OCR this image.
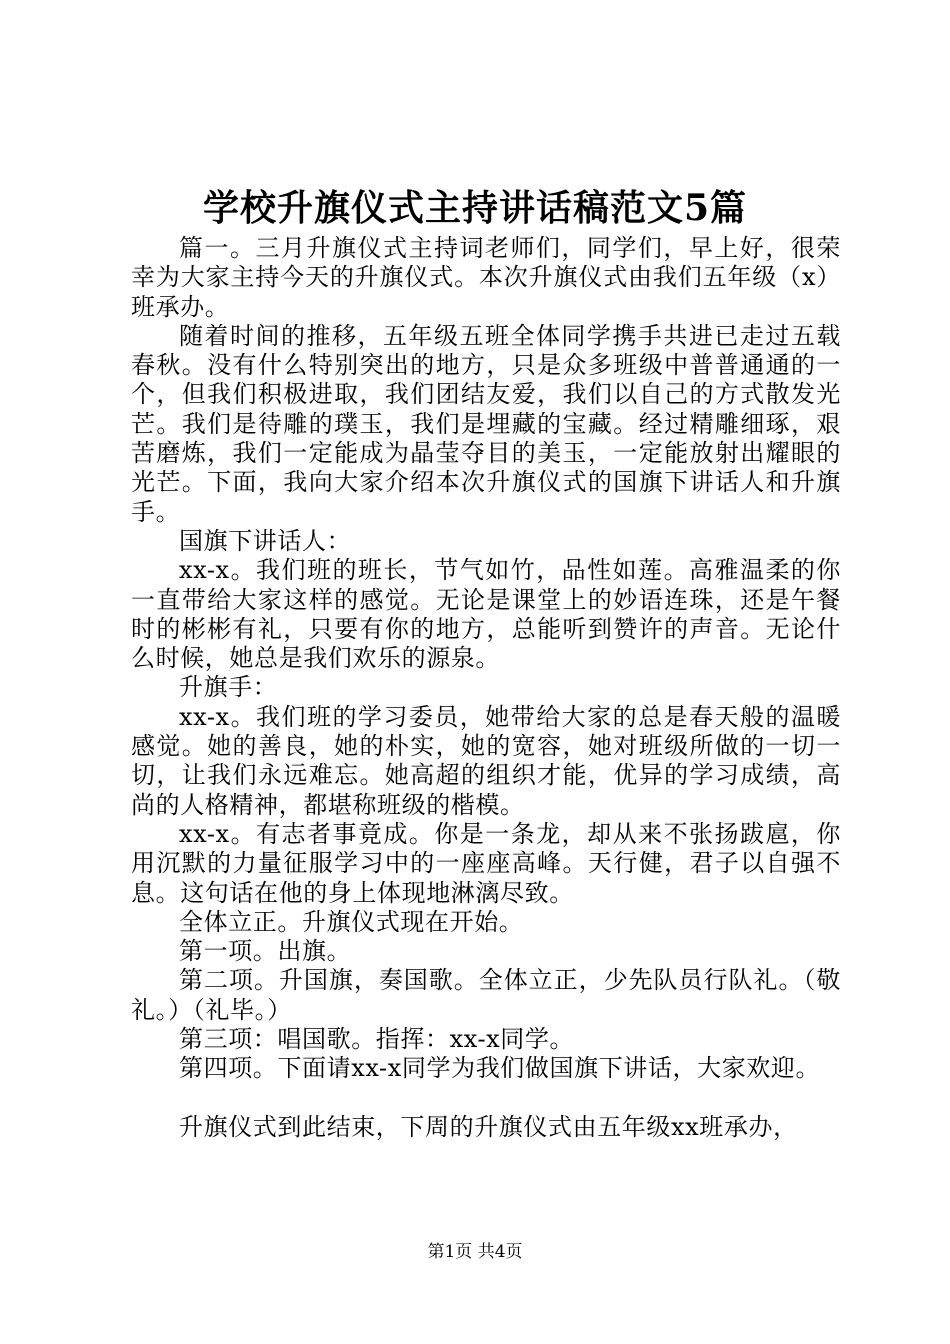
学校升旗仪式主持讲话稿范文5篇

篇一。三月升旗仪式主持词老师们，同学们，早上好，很荣幸为大家主持今天的升旗仪式。本次升旗仪式由我们五年级（x）班承办。

随着时间的推移，五年级五班全体同学携手共进已走过五载春秋。没有什么特别突出的地方，只是众多班级中普普通通的一个，但我们积极进取，我们团结友爱，我们以自己的方式散发光芒。我们是待雕的璞玉，我们是埋藏的宝藏。经过精雕细琢，艰苦磨炼，我们一定能成为晶莹夺目的美玉，一定能放射出耀眼的光芒。下面，我向大家介绍本次升旗仪式的国旗下讲话人和升旗手。

国旗下讲话人：

xx-x。我们班的班长，节气如竹，品性如莲。高雅温柔的你一直带给大家这样的感觉。无论是课堂上的妙语连珠，还是午餐时的彬彬有礼，只要有你的地方，总能听到赞许的声音。无论什么时候，她总是我们欢乐的源泉。

升旗手：

xx-x。我们班的学习委员，她带给大家的总是春天般的温暖感觉。她的善良，她的朴实，她的宽容，她对班级所做的一切一切，让我们永远难忘。她高超的组织才能，优异的学习成绩，高尚的人格精神，都堪称班级的楷模。

xx-x。有志者事竟成。你是一条龙，却从来不张扬跋扈，你用沉默的力量征服学习中的一座座高峰。天行健，君子以自强不息。这句话在他的身上体现地淋漓尽致。

全体立正。升旗仪式现在开始。

第一项。出旗。

第二项。升国旗，奏国歌。全体立正，少先队员行队礼。（敬礼。）（礼毕。）

第三项：唱国歌。指挥：xx-x同学。

第四项。下面请xx-x同学为我们做国旗下讲话，大家欢迎。

升旗仪式到此结束，下周的升旗仪式由五年级xx班承办，

第1页 共4页
